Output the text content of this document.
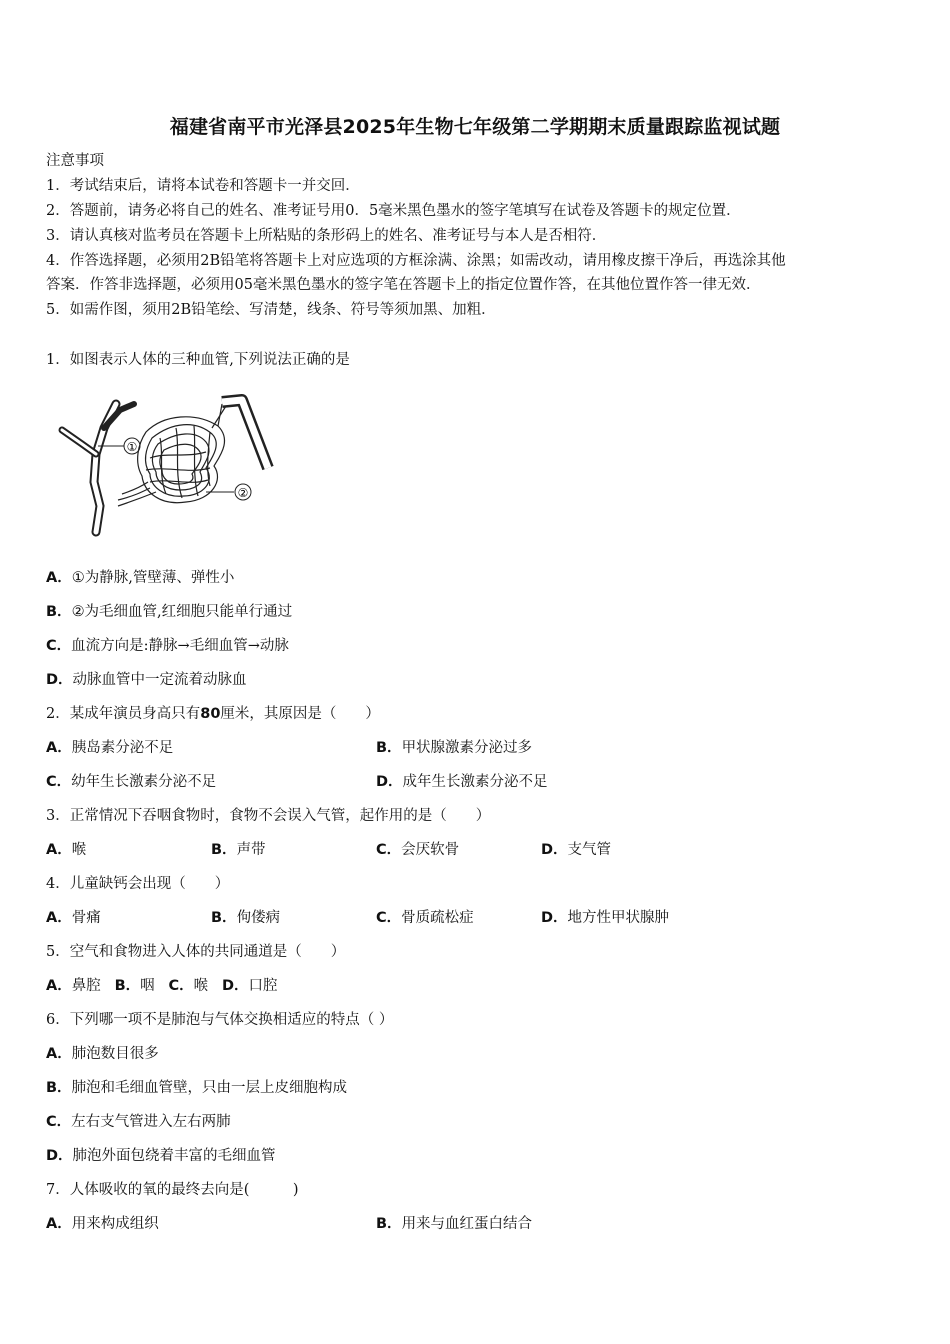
福建省南平市光泽县2025年生物七年级第二学期期末质量跟踪监视试题
注意事项
1．考试结束后，请将本试卷和答题卡一并交回．
2．答题前，请务必将自己的姓名、准考证号用0．5毫米黑色墨水的签字笔填写在试卷及答题卡的规定位置．
3．请认真核对监考员在答题卡上所粘贴的条形码上的姓名、准考证号与本人是否相符．
4．作答选择题，必须用2B铅笔将答题卡上对应选项的方框涂满、涂黑；如需改动，请用橡皮擦干净后，再选涂其他
答案．作答非选择题，必须用05毫米黑色墨水的签字笔在答题卡上的指定位置作答，在其他位置作答一律无效．
5．如需作图，须用2B铅笔绘、写清楚，线条、符号等须加黑、加粗．
1．如图表示人体的三种血管,下列说法正确的是
①
②
A．①为静脉,管壁薄、弹性小
B．②为毛细血管,红细胞只能单行通过
C．血流方向是:静脉→毛细血管→动脉
D．动脉血管中一定流着动脉血
2．某成年演员身高只有80厘米，其原因是（　　）
A．胰岛素分泌不足	B．甲状腺激素分泌过多
C．幼年生长激素分泌不足	D．成年生长激素分泌不足
3．正常情况下吞咽食物时，食物不会误入气管，起作用的是（　　）
A．喉	B．声带	C．会厌软骨	D．支气管
4．儿童缺钙会出现（　　）
A．骨痛	B．佝偻病	C．骨质疏松症	D．地方性甲状腺肿
5．空气和食物进入人体的共同通道是（　　）
A．鼻腔 B．咽 C．喉 D．口腔
6．下列哪一项不是肺泡与气体交换相适应的特点（ ）
A．肺泡数目很多
B．肺泡和毛细血管壁，只由一层上皮细胞构成
C．左右支气管进入左右两肺
D．肺泡外面包绕着丰富的毛细血管
7．人体吸收的氧的最终去向是(　　　)
A．用来构成组织	B．用来与血红蛋白结合
